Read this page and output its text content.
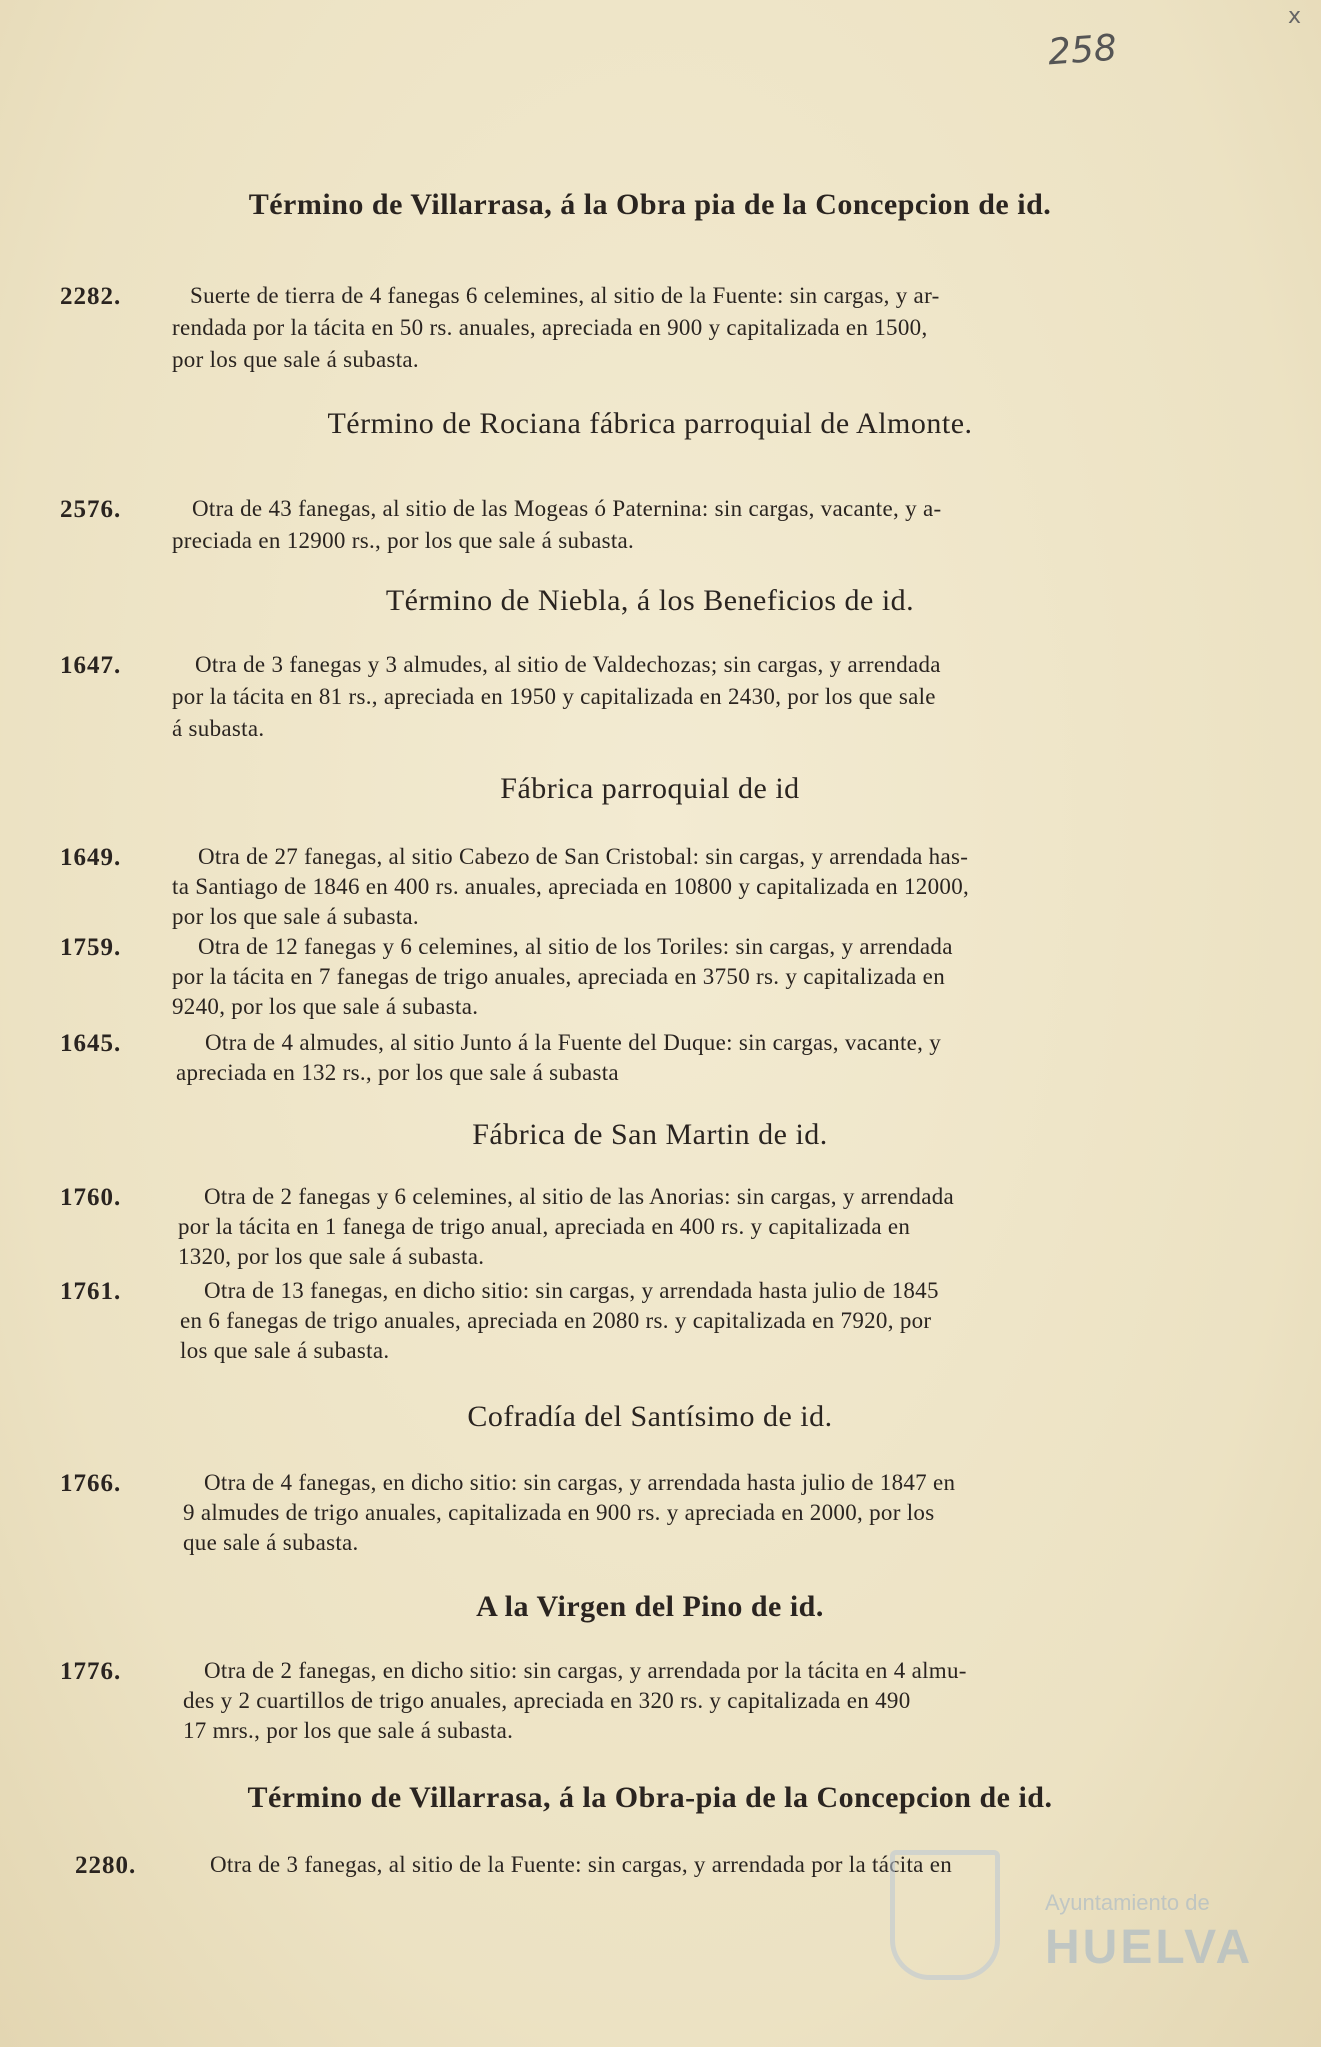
258
x
Término de Villarrasa, á la Obra pia de la Concepcion de id.
2282.	Suerte de tierra de 4 fanegas 6 celemines, al sitio de la Fuente: sin cargas, y ar-
rendada por la tácita en 50 rs. anuales, apreciada en 900 y capitalizada en 1500,
por los que sale á subasta.
Término de Rociana fábrica parroquial de Almonte.
2576.	Otra de 43 fanegas, al sitio de las Mogeas ó Paternina: sin cargas, vacante, y a-
preciada en 12900 rs., por los que sale á subasta.
Término de Niebla, á los Beneficios de id.
1647.	Otra de 3 fanegas y 3 almudes, al sitio de Valdechozas; sin cargas, y arrendada
por la tácita en 81 rs., apreciada en 1950 y capitalizada en 2430, por los que sale
á subasta.
Fábrica parroquial de id
1649.	Otra de 27 fanegas, al sitio Cabezo de San Cristobal: sin cargas, y arrendada has-
ta Santiago de 1846 en 400 rs. anuales, apreciada en 10800 y capitalizada en 12000,
por los que sale á subasta.
1759.	Otra de 12 fanegas y 6 celemines, al sitio de los Toriles: sin cargas, y arrendada
por la tácita en 7 fanegas de trigo anuales, apreciada en 3750 rs. y capitalizada en
9240, por los que sale á subasta.
1645.	Otra de 4 almudes, al sitio Junto á la Fuente del Duque: sin cargas, vacante, y
apreciada en 132 rs., por los que sale á subasta
Fábrica de San Martin de id.
1760.	Otra de 2 fanegas y 6 celemines, al sitio de las Anorias: sin cargas, y arrendada
por la tácita en 1 fanega de trigo anual, apreciada en 400 rs. y capitalizada en
1320, por los que sale á subasta.
1761.	Otra de 13 fanegas, en dicho sitio: sin cargas, y arrendada hasta julio de 1845
en 6 fanegas de trigo anuales, apreciada en 2080 rs. y capitalizada en 7920, por
los que sale á subasta.
Cofradía del Santísimo de id.
1766.	Otra de 4 fanegas, en dicho sitio: sin cargas, y arrendada hasta julio de 1847 en
9 almudes de trigo anuales, capitalizada en 900 rs. y apreciada en 2000, por los
que sale á subasta.
A la Virgen del Pino de id.
1776.	Otra de 2 fanegas, en dicho sitio: sin cargas, y arrendada por la tácita en 4 almu-
des y 2 cuartillos de trigo anuales, apreciada en 320 rs. y capitalizada en 490
17 mrs., por los que sale á subasta.
Término de Villarrasa, á la Obra-pia de la Concepcion de id.
2280.	Otra de 3 fanegas, al sitio de la Fuente: sin cargas, y arrendada por la tácita en
Ayuntamiento de
HUELVA
